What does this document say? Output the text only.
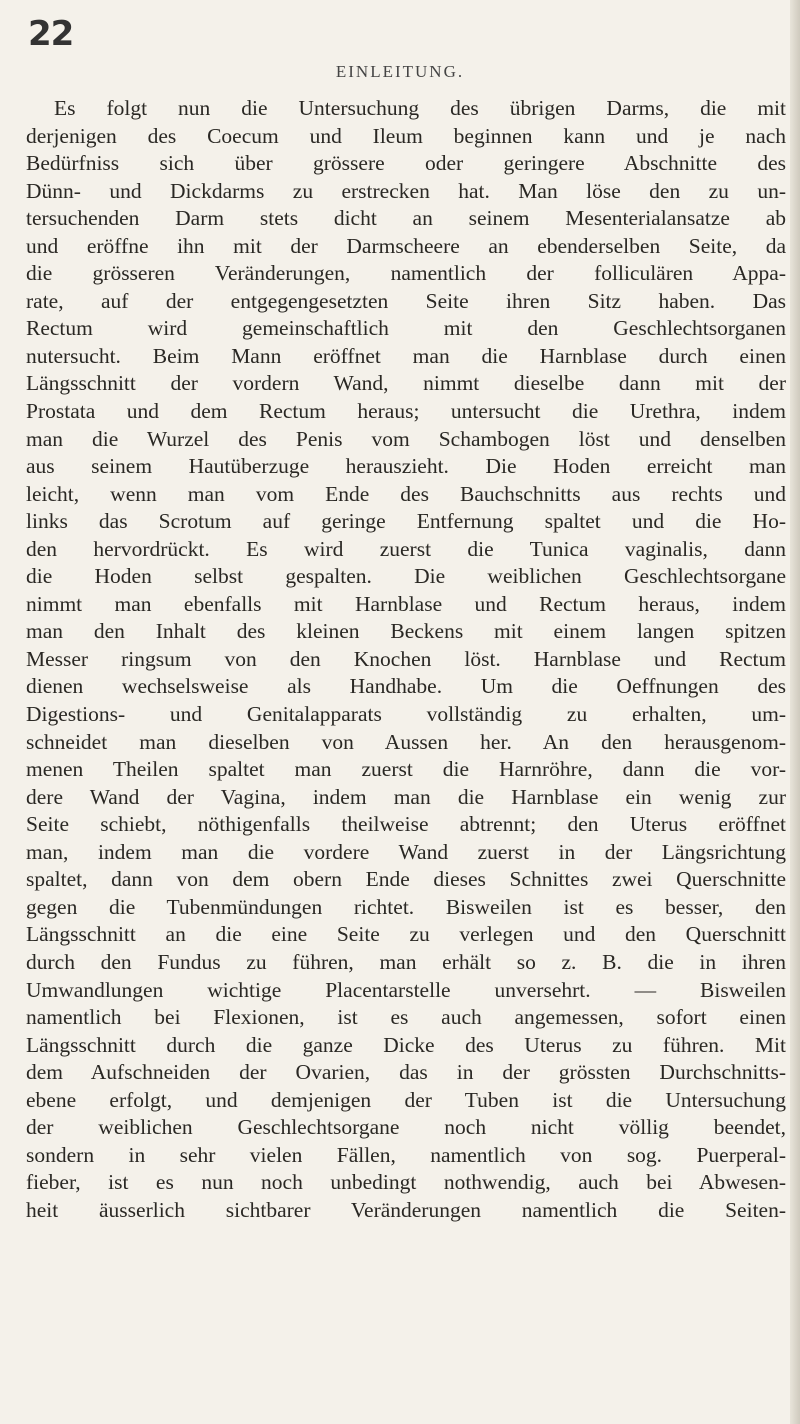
22
EINLEITUNG.
Es folgt nun die Untersuchung des übrigen Darms, die mit
derjenigen des Coecum und Ileum beginnen kann und je nach
Bedürfniss sich über grössere oder geringere Abschnitte des
Dünn- und Dickdarms zu erstrecken hat. Man löse den zu un-
tersuchenden Darm stets dicht an seinem Mesenterialansatze ab
und eröffne ihn mit der Darmscheere an ebenderselben Seite, da
die grösseren Veränderungen, namentlich der folliculären Appa-
rate, auf der entgegengesetzten Seite ihren Sitz haben. Das
Rectum wird gemeinschaftlich mit den Geschlechtsorganen
nutersucht. Beim Mann eröffnet man die Harnblase durch einen
Längsschnitt der vordern Wand, nimmt dieselbe dann mit der
Prostata und dem Rectum heraus; untersucht die Urethra, indem
man die Wurzel des Penis vom Schambogen löst und denselben
aus seinem Hautüberzuge herauszieht. Die Hoden erreicht man
leicht, wenn man vom Ende des Bauchschnitts aus rechts und
links das Scrotum auf geringe Entfernung spaltet und die Ho-
den hervordrückt. Es wird zuerst die Tunica vaginalis, dann
die Hoden selbst gespalten. Die weiblichen Geschlechtsorgane
nimmt man ebenfalls mit Harnblase und Rectum heraus, indem
man den Inhalt des kleinen Beckens mit einem langen spitzen
Messer ringsum von den Knochen löst. Harnblase und Rectum
dienen wechselsweise als Handhabe. Um die Oeffnungen des
Digestions- und Genitalapparats vollständig zu erhalten, um-
schneidet man dieselben von Aussen her. An den herausgenom-
menen Theilen spaltet man zuerst die Harnröhre, dann die vor-
dere Wand der Vagina, indem man die Harnblase ein wenig zur
Seite schiebt, nöthigenfalls theilweise abtrennt; den Uterus eröffnet
man, indem man die vordere Wand zuerst in der Längsrichtung
spaltet, dann von dem obern Ende dieses Schnittes zwei Querschnitte
gegen die Tubenmündungen richtet. Bisweilen ist es besser, den
Längsschnitt an die eine Seite zu verlegen und den Querschnitt
durch den Fundus zu führen, man erhält so z. B. die in ihren
Umwandlungen wichtige Placentarstelle unversehrt. — Bisweilen
namentlich bei Flexionen, ist es auch angemessen, sofort einen
Längsschnitt durch die ganze Dicke des Uterus zu führen. Mit
dem Aufschneiden der Ovarien, das in der grössten Durchschnitts-
ebene erfolgt, und demjenigen der Tuben ist die Untersuchung
der weiblichen Geschlechtsorgane noch nicht völlig beendet,
sondern in sehr vielen Fällen, namentlich von sog. Puerperal-
fieber, ist es nun noch unbedingt nothwendig, auch bei Abwesen-
heit äusserlich sichtbarer Veränderungen namentlich die Seiten-
